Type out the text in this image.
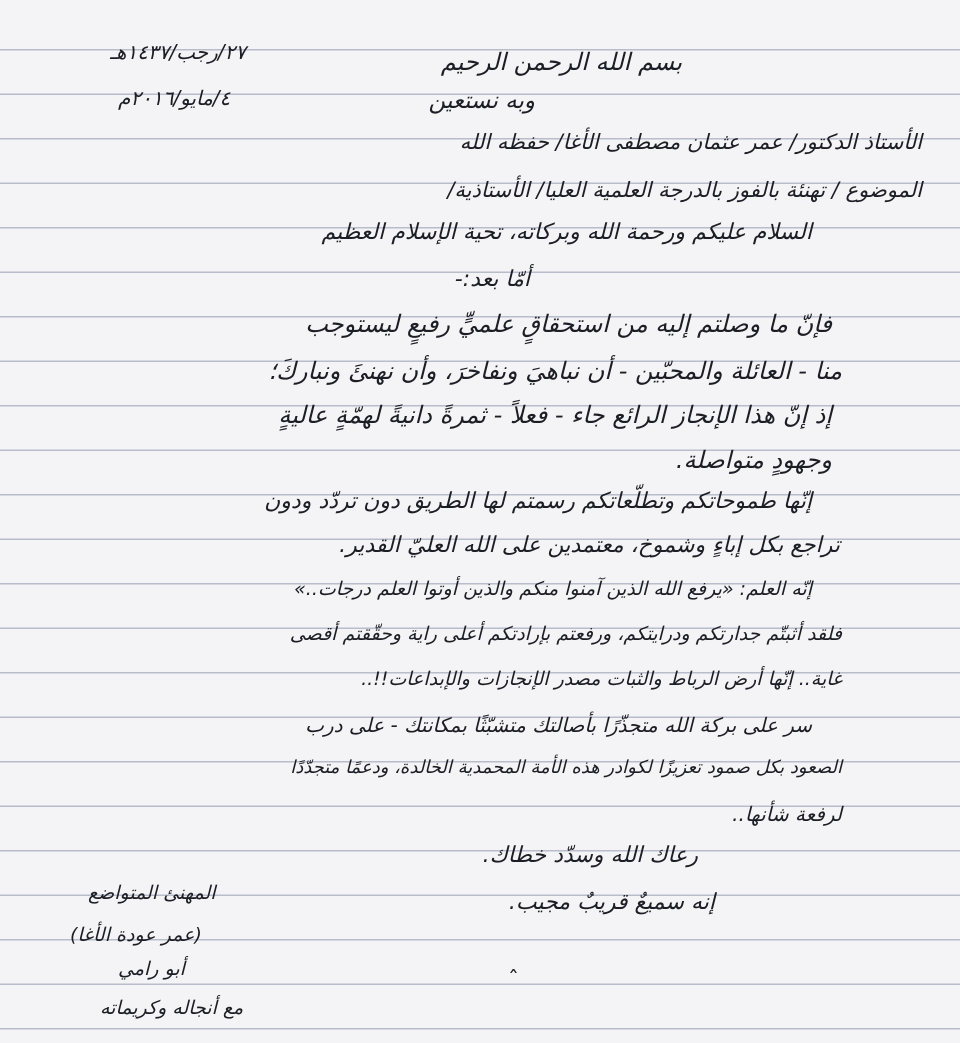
٢٧/رجب/١٤٣٧هـ	بسم الله الرحمن الرحيم
٤/مايو/٢٠١٦م	وبه نستعين
الأستاذ الدكتور/ عمر عثمان مصطفى الأغا/ حفظه الله
الموضوع / تهنئة بالفوز بالدرجة العلمية العليا/ الأستاذية/
السلام عليكم ورحمة الله وبركاته، تحية الإسلام العظيم
أمّا بعد:-
فإنّ ما وصلتم إليه من استحقاقٍ علميٍّ رفيعٍ ليستوجب
منا - العائلة والمحبّين - أن نباهيَ ونفاخرَ، وأن نهنئَ ونباركَ؛
إذ إنّ هذا الإنجاز الرائع جاء - فعلاً - ثمرةً دانيةً لهمّةٍ عاليةٍ
وجهودٍ متواصلة.
إنّها طموحاتكم وتطلّعاتكم رسمتم لها الطريق دون تردّد ودون
تراجع بكل إباءٍ وشموخ، معتمدين على الله العليّ القدير.
إنّه العلم: «يرفع الله الذين آمنوا منكم والذين أوتوا العلم درجات..»
فلقد أثبتّم جدارتكم ودرايتكم، ورفعتم بإرادتكم أعلى راية وحقّقتم أقصى
غاية.. إنّها أرض الرباط والثبات مصدر الإنجازات والإبداعات!!..
سر على بركة الله متجذّرًا بأصالتك متشبّثًا بمكانتك - على درب
الصعود بكل صمود تعزيزًا لكوادر هذه الأمة المحمدية الخالدة، ودعمًا متجدّدًا
لرفعة شأنها..
رعاك الله وسدّد خطاك.
إنه سميعٌ قريبٌ مجيب.
المهنئ المتواضع
(عمر عودة الأغا)
أبو رامي
مع أنجاله وكريماته
ˆ
